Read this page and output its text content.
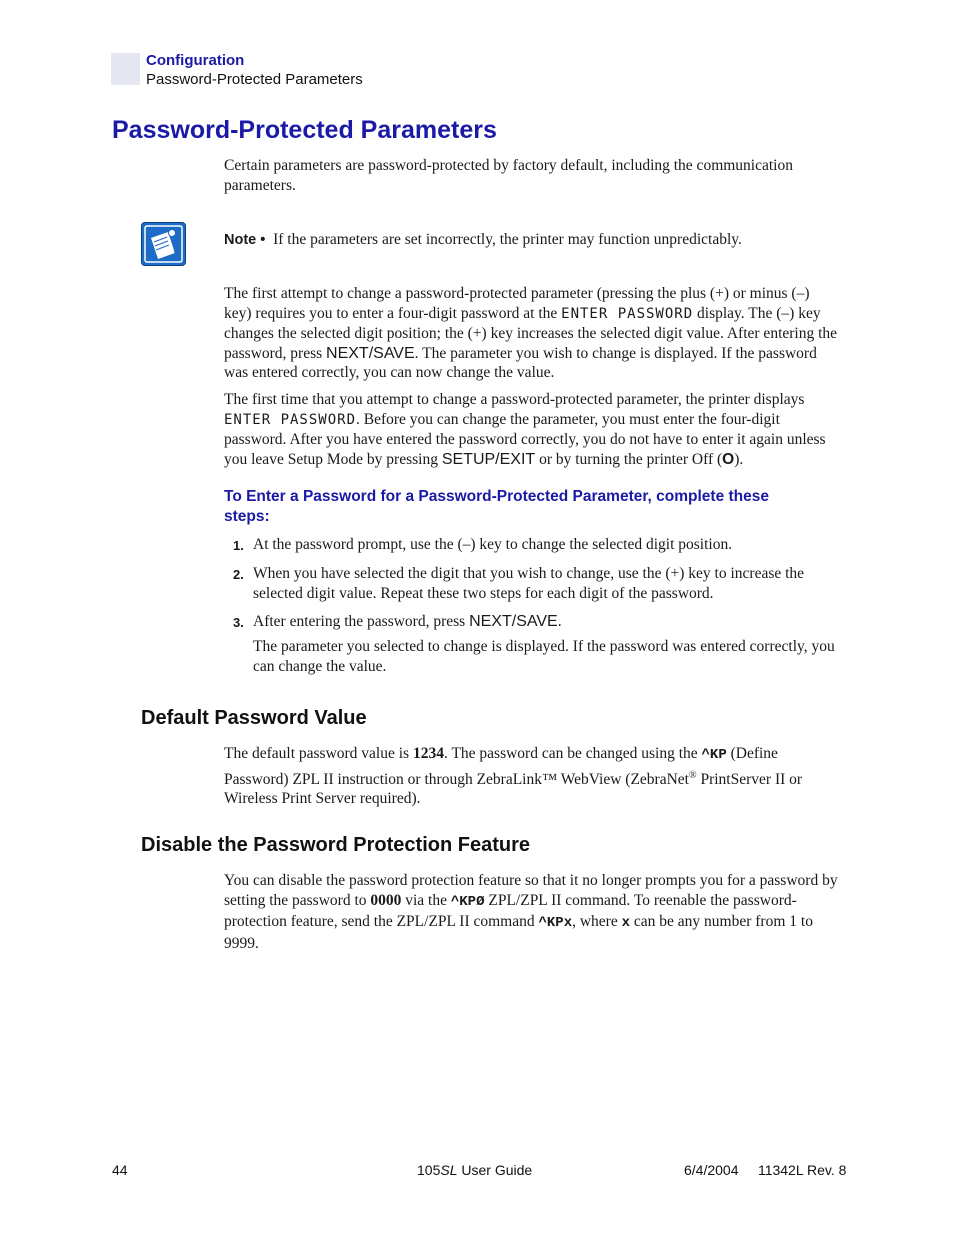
Configuration
Password-Protected Parameters
Password-Protected Parameters
Certain parameters are password-protected by factory default, including the communication parameters.
Note • If the parameters are set incorrectly, the printer may function unpredictably.
The first attempt to change a password-protected parameter (pressing the plus (+) or minus (–) key) requires you to enter a four-digit password at the ENTER PASSWORD display. The (–) key changes the selected digit position; the (+) key increases the selected digit value. After entering the password, press NEXT/SAVE. The parameter you wish to change is displayed. If the password was entered correctly, you can now change the value.
The first time that you attempt to change a password-protected parameter, the printer displays ENTER PASSWORD. Before you can change the parameter, you must enter the four-digit password. After you have entered the password correctly, you do not have to enter it again unless you leave Setup Mode by pressing SETUP/EXIT or by turning the printer Off (O).
To Enter a Password for a Password-Protected Parameter, complete these steps:
1. At the password prompt, use the (–) key to change the selected digit position.
2. When you have selected the digit that you wish to change, use the (+) key to increase the selected digit value. Repeat these two steps for each digit of the password.
3. After entering the password, press NEXT/SAVE.
The parameter you selected to change is displayed. If the password was entered correctly, you can change the value.
Default Password Value
The default password value is 1234. The password can be changed using the ^KP (Define Password) ZPL II instruction or through ZebraLink™ WebView (ZebraNet® PrintServer II or Wireless Print Server required).
Disable the Password Protection Feature
You can disable the password protection feature so that it no longer prompts you for a password by setting the password to 0000 via the ^KPØ ZPL/ZPL II command. To reenable the password-protection feature, send the ZPL/ZPL II command ^KPx, where x can be any number from 1 to 9999.
44	105SL User Guide	6/4/2004     11342L Rev. 8
